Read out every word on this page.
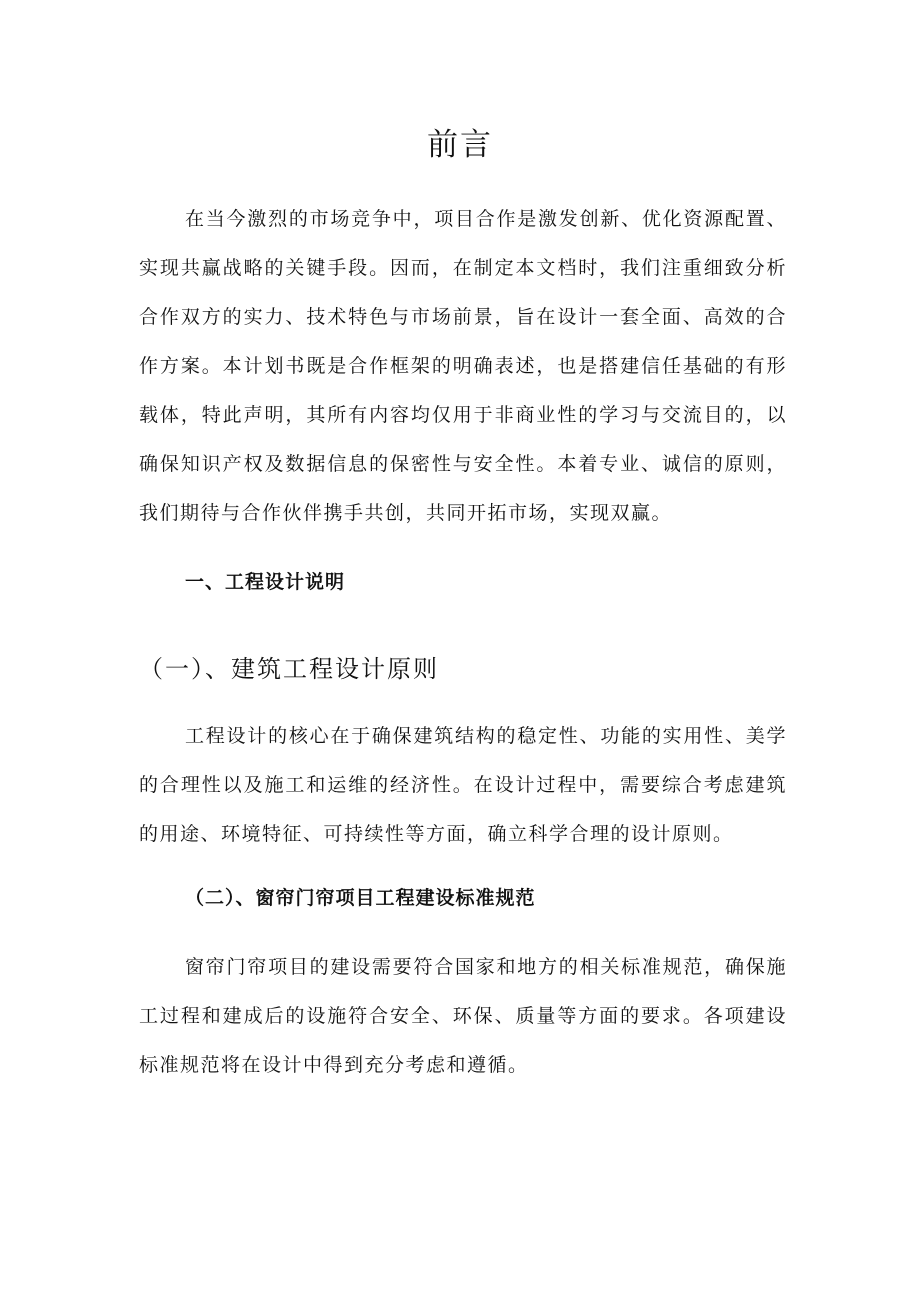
前言

在当今激烈的市场竞争中，项目合作是激发创新、优化资源配置、实现共赢战略的关键手段。因而，在制定本文档时，我们注重细致分析合作双方的实力、技术特色与市场前景，旨在设计一套全面、高效的合作方案。本计划书既是合作框架的明确表述，也是搭建信任基础的有形载体，特此声明，其所有内容均仅用于非商业性的学习与交流目的，以确保知识产权及数据信息的保密性与安全性。本着专业、诚信的原则，我们期待与合作伙伴携手共创，共同开拓市场，实现双赢。

一、工程设计说明
（一）、建筑工程设计原则

工程设计的核心在于确保建筑结构的稳定性、功能的实用性、美学的合理性以及施工和运维的经济性。在设计过程中，需要综合考虑建筑的用途、环境特征、可持续性等方面，确立科学合理的设计原则。

（二）、窗帘门帘项目工程建设标准规范

窗帘门帘项目的建设需要符合国家和地方的相关标准规范，确保施工过程和建成后的设施符合安全、环保、质量等方面的要求。各项建设标准规范将在设计中得到充分考虑和遵循。
